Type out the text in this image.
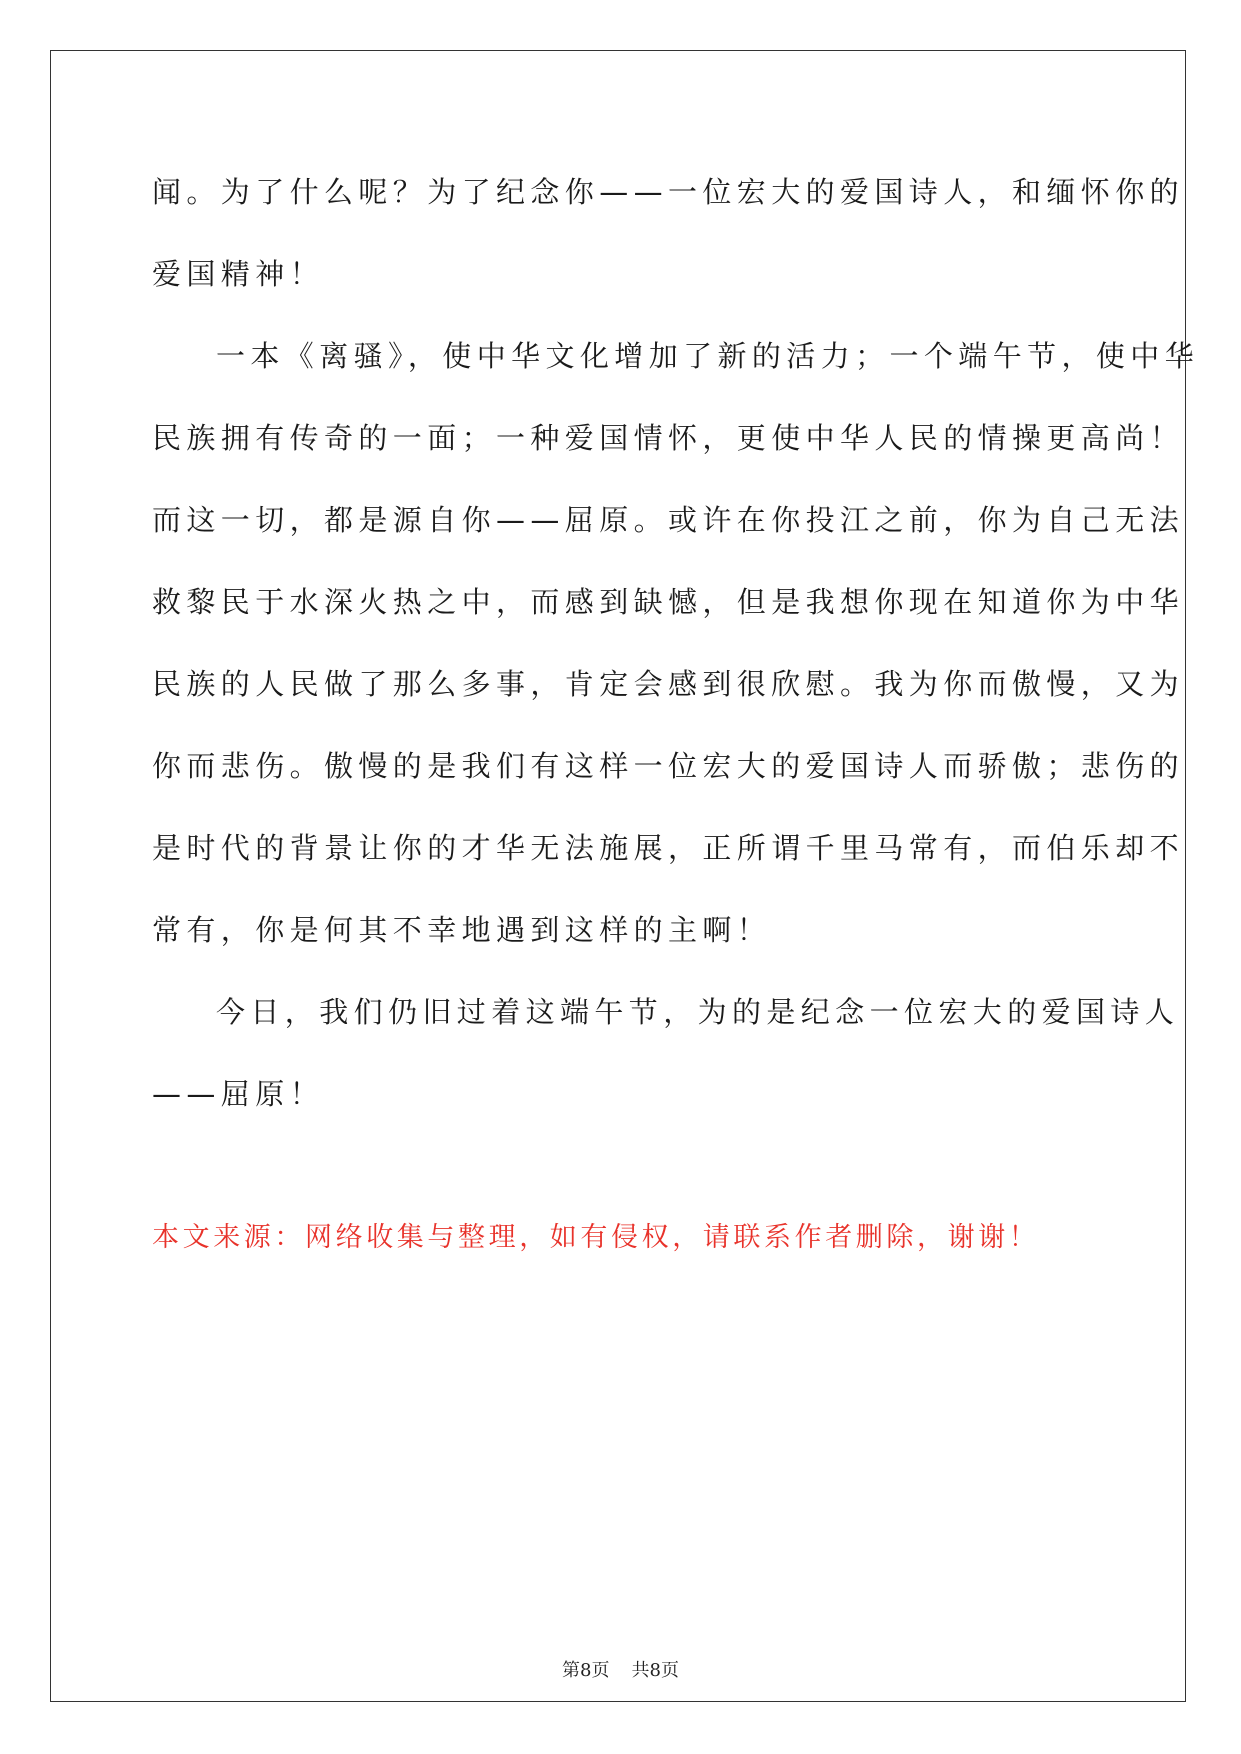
闻。为了什么呢？为了纪念你——一位宏大的爱国诗人，和缅怀你的
爱国精神！
一本《离骚》，使中华文化增加了新的活力；一个端午节，使中华
民族拥有传奇的一面；一种爱国情怀，更使中华人民的情操更高尚！
而这一切，都是源自你——屈原。或许在你投江之前，你为自己无法
救黎民于水深火热之中，而感到缺憾，但是我想你现在知道你为中华
民族的人民做了那么多事，肯定会感到很欣慰。我为你而傲慢，又为
你而悲伤。傲慢的是我们有这样一位宏大的爱国诗人而骄傲；悲伤的
是时代的背景让你的才华无法施展，正所谓千里马常有，而伯乐却不
常有，你是何其不幸地遇到这样的主啊！
今日，我们仍旧过着这端午节，为的是纪念一位宏大的爱国诗人
——屈原！
本文来源：网络收集与整理，如有侵权，请联系作者删除，谢谢！
第8页 共8页
